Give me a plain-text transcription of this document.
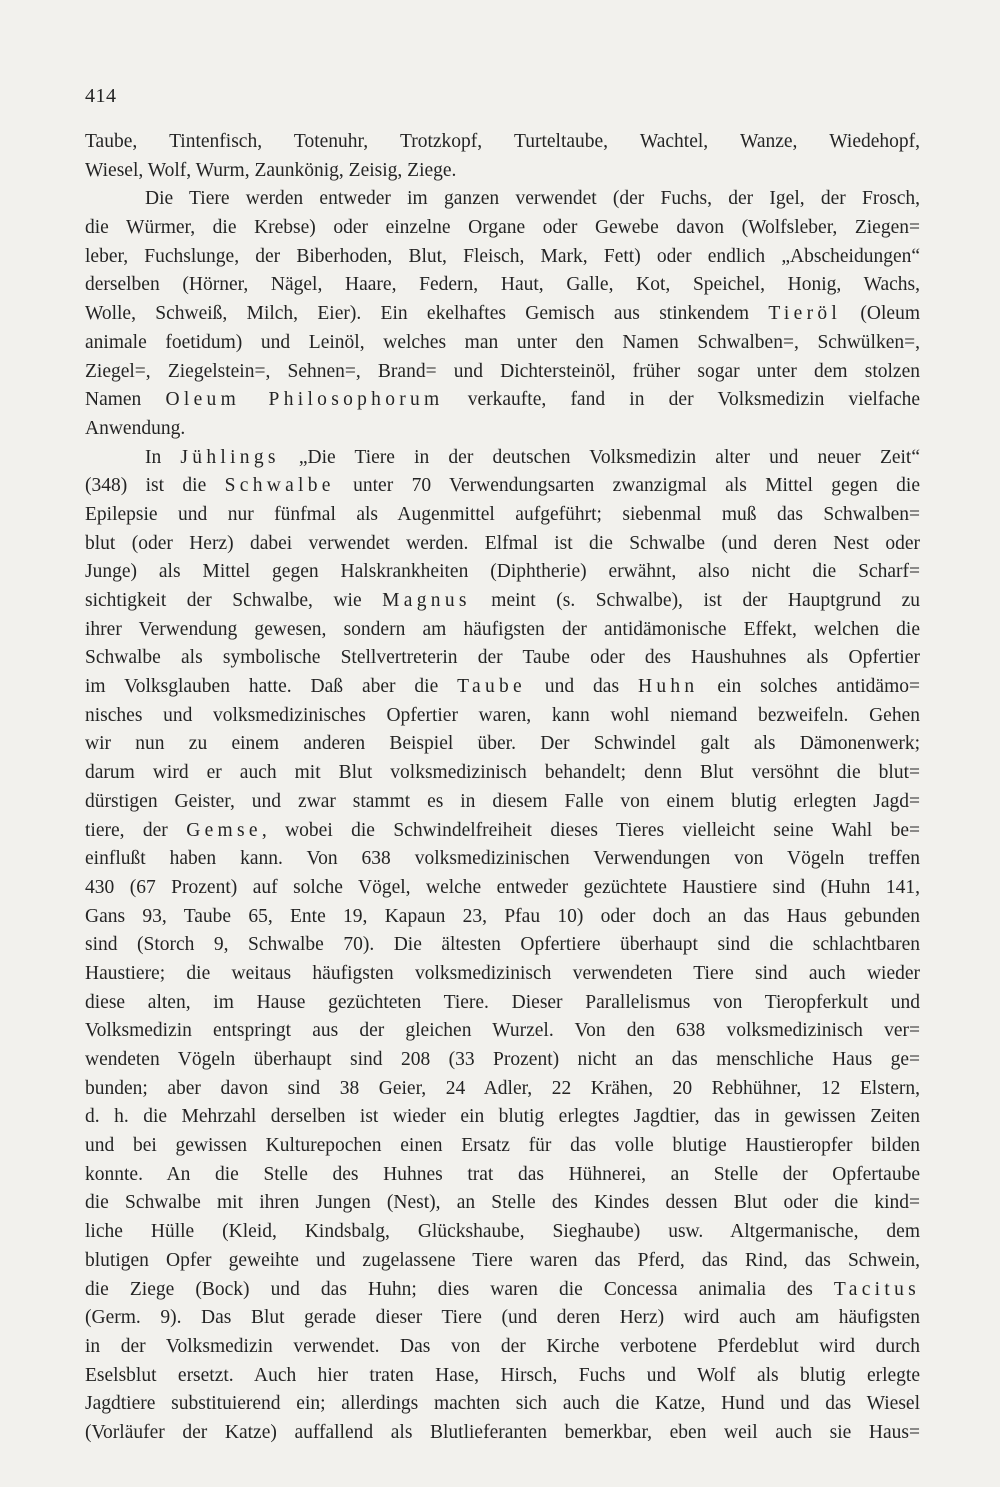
414
Taube, Tintenfisch, Totenuhr, Trotzkopf, Turteltaube, Wachtel, Wanze, Wiedehopf,
Wiesel, Wolf, Wurm, Zaunkönig, Zeisig, Ziege.
Die Tiere werden entweder im ganzen verwendet (der Fuchs, der Igel, der Frosch,
die Würmer, die Krebse) oder einzelne Organe oder Gewebe davon (Wolfsleber, Ziegen=
leber, Fuchslunge, der Biberhoden, Blut, Fleisch, Mark, Fett) oder endlich „Abscheidungen“
derselben (Hörner, Nägel, Haare, Federn, Haut, Galle, Kot, Speichel, Honig, Wachs,
Wolle, Schweiß, Milch, Eier). Ein ekelhaftes Gemisch aus stinkendem Tieröl (Oleum
animale foetidum) und Leinöl, welches man unter den Namen Schwalben=, Schwülken=,
Ziegel=, Ziegelstein=, Sehnen=, Brand= und Dichtersteinöl, früher sogar unter dem stolzen
Namen Oleum Philosophorum verkaufte, fand in der Volksmedizin vielfache
Anwendung.
In Jühlings „Die Tiere in der deutschen Volksmedizin alter und neuer Zeit“
(348) ist die Schwalbe unter 70 Verwendungsarten zwanzigmal als Mittel gegen die
Epilepsie und nur fünfmal als Augenmittel aufgeführt; siebenmal muß das Schwalben=
blut (oder Herz) dabei verwendet werden. Elfmal ist die Schwalbe (und deren Nest oder
Junge) als Mittel gegen Halskrankheiten (Diphtherie) erwähnt, also nicht die Scharf=
sichtigkeit der Schwalbe, wie Magnus meint (s. Schwalbe), ist der Hauptgrund zu
ihrer Verwendung gewesen, sondern am häufigsten der antidämonische Effekt, welchen die
Schwalbe als symbolische Stellvertreterin der Taube oder des Haushuhnes als Opfertier
im Volksglauben hatte. Daß aber die Taube und das Huhn ein solches antidämo=
nisches und volksmedizinisches Opfertier waren, kann wohl niemand bezweifeln. Gehen
wir nun zu einem anderen Beispiel über. Der Schwindel galt als Dämonenwerk;
darum wird er auch mit Blut volksmedizinisch behandelt; denn Blut versöhnt die blut=
dürstigen Geister, und zwar stammt es in diesem Falle von einem blutig erlegten Jagd=
tiere, der Gemse, wobei die Schwindelfreiheit dieses Tieres vielleicht seine Wahl be=
einflußt haben kann. Von 638 volksmedizinischen Verwendungen von Vögeln treffen
430 (67 Prozent) auf solche Vögel, welche entweder gezüchtete Haustiere sind (Huhn 141,
Gans 93, Taube 65, Ente 19, Kapaun 23, Pfau 10) oder doch an das Haus gebunden
sind (Storch 9, Schwalbe 70). Die ältesten Opfertiere überhaupt sind die schlachtbaren
Haustiere; die weitaus häufigsten volksmedizinisch verwendeten Tiere sind auch wieder
diese alten, im Hause gezüchteten Tiere. Dieser Parallelismus von Tieropferkult und
Volksmedizin entspringt aus der gleichen Wurzel. Von den 638 volksmedizinisch ver=
wendeten Vögeln überhaupt sind 208 (33 Prozent) nicht an das menschliche Haus ge=
bunden; aber davon sind 38 Geier, 24 Adler, 22 Krähen, 20 Rebhühner, 12 Elstern,
d. h. die Mehrzahl derselben ist wieder ein blutig erlegtes Jagdtier, das in gewissen Zeiten
und bei gewissen Kulturepochen einen Ersatz für das volle blutige Haustieropfer bilden
konnte. An die Stelle des Huhnes trat das Hühnerei, an Stelle der Opfertaube
die Schwalbe mit ihren Jungen (Nest), an Stelle des Kindes dessen Blut oder die kind=
liche Hülle (Kleid, Kindsbalg, Glückshaube, Sieghaube) usw. Altgermanische, dem
blutigen Opfer geweihte und zugelassene Tiere waren das Pferd, das Rind, das Schwein,
die Ziege (Bock) und das Huhn; dies waren die Concessa animalia des Tacitus
(Germ. 9). Das Blut gerade dieser Tiere (und deren Herz) wird auch am häufigsten
in der Volksmedizin verwendet. Das von der Kirche verbotene Pferdeblut wird durch
Eselsblut ersetzt. Auch hier traten Hase, Hirsch, Fuchs und Wolf als blutig erlegte
Jagdtiere substituierend ein; allerdings machten sich auch die Katze, Hund und das Wiesel
(Vorläufer der Katze) auffallend als Blutlieferanten bemerkbar, eben weil auch sie Haus=
